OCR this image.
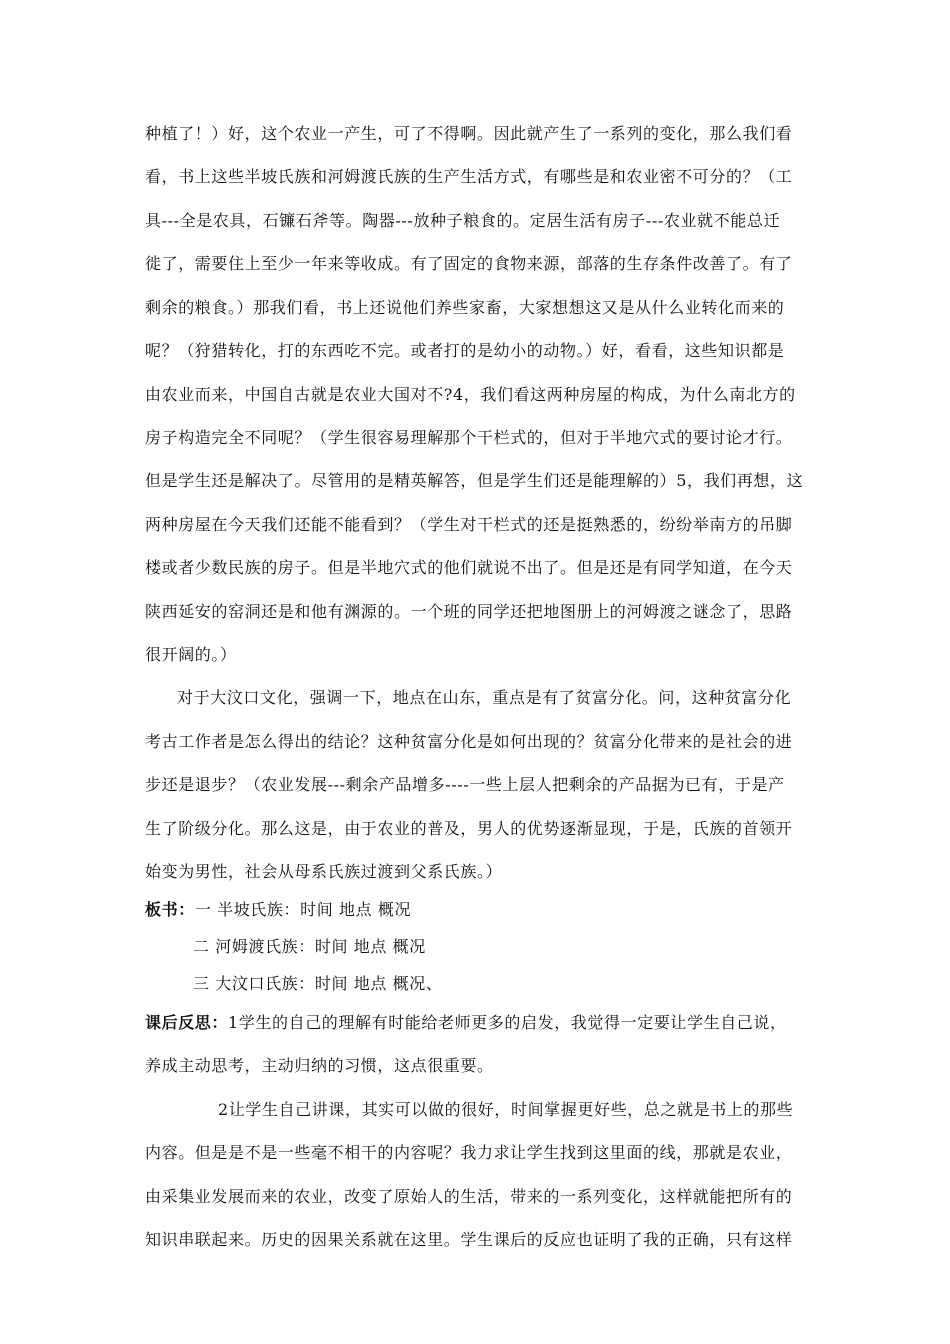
种植了！）好，这个农业一产生，可了不得啊。因此就产生了一系列的变化，那么我们看
看，书上这些半坡氏族和河姆渡氏族的生产生活方式，有哪些是和农业密不可分的？（工
具---全是农具，石镰石斧等。陶器---放种子粮食的。定居生活有房子---农业就不能总迁
徙了，需要住上至少一年来等收成。有了固定的食物来源，部落的生存条件改善了。有了
剩余的粮食。）那我们看，书上还说他们养些家畜，大家想想这又是从什么业转化而来的
呢？（狩猎转化，打的东西吃不完。或者打的是幼小的动物。）好，看看，这些知识都是
由农业而来，中国自古就是农业大国对不?4，我们看这两种房屋的构成，为什么南北方的
房子构造完全不同呢？（学生很容易理解那个干栏式的，但对于半地穴式的要讨论才行。
但是学生还是解决了。尽管用的是精英解答，但是学生们还是能理解的）5，我们再想，这
两种房屋在今天我们还能不能看到？（学生对干栏式的还是挺熟悉的，纷纷举南方的吊脚
楼或者少数民族的房子。但是半地穴式的他们就说不出了。但是还是有同学知道，在今天
陕西延安的窑洞还是和他有渊源的。一个班的同学还把地图册上的河姆渡之谜念了，思路
很开阔的。）
对于大汶口文化，强调一下，地点在山东，重点是有了贫富分化。问，这种贫富分化
考古工作者是怎么得出的结论？这种贫富分化是如何出现的？贫富分化带来的是社会的进
步还是退步？（农业发展---剩余产品增多----一些上层人把剩余的产品据为已有，于是产
生了阶级分化。那么这是，由于农业的普及，男人的优势逐渐显现，于是，氏族的首领开
始变为男性，社会从母系氏族过渡到父系氏族。）
板书：一 半坡氏族：时间 地点 概况
二 河姆渡氏族：时间 地点 概况
三 大汶口氏族：时间 地点 概况、
课后反思：1学生的自己的理解有时能给老师更多的启发，我觉得一定要让学生自己说，
养成主动思考，主动归纳的习惯，这点很重要。
2让学生自己讲课，其实可以做的很好，时间掌握更好些，总之就是书上的那些
内容。但是是不是一些毫不相干的内容呢？我力求让学生找到这里面的线，那就是农业，
由采集业发展而来的农业，改变了原始人的生活，带来的一系列变化，这样就能把所有的
知识串联起来。历史的因果关系就在这里。学生课后的反应也证明了我的正确，只有这样
